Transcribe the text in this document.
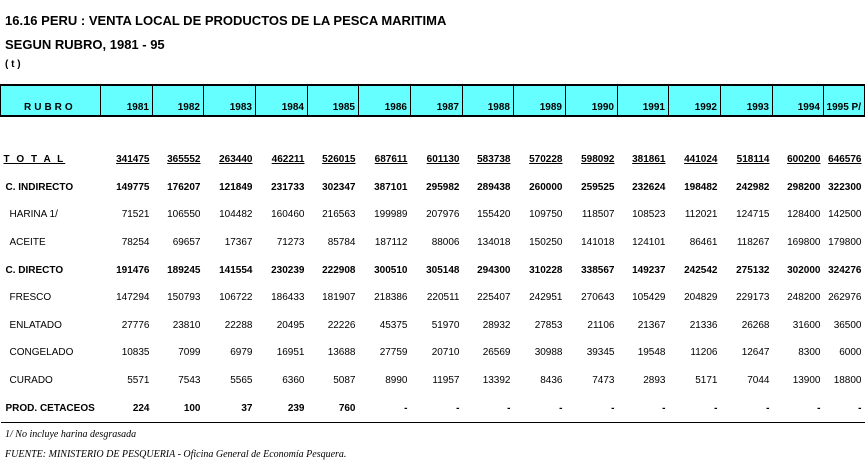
16.16 PERU : VENTA LOCAL DE PRODUCTOS DE LA PESCA MARITIMA
SEGUN RUBRO, 1981 - 95
( t )
RUBRO	1981	1982	1983	1984	1985	1986	1987	1988	1989	1990	1991	1992	1993	1994	1995 P/

T O T A L	341475	365552	263440	462211	526015	687611	601130	583738	570228	598092	381861	441024	518114	600200	646576
C. INDIRECTO	149775	176207	121849	231733	302347	387101	295982	289438	260000	259525	232624	198482	242982	298200	322300
HARINA 1/	71521	106550	104482	160460	216563	199989	207976	155420	109750	118507	108523	112021	124715	128400	142500
ACEITE	78254	69657	17367	71273	85784	187112	88006	134018	150250	141018	124101	86461	118267	169800	179800
C. DIRECTO	191476	189245	141554	230239	222908	300510	305148	294300	310228	338567	149237	242542	275132	302000	324276
FRESCO	147294	150793	106722	186433	181907	218386	220511	225407	242951	270643	105429	204829	229173	248200	262976
ENLATADO	27776	23810	22288	20495	22226	45375	51970	28932	27853	21106	21367	21336	26268	31600	36500
CONGELADO	10835	7099	6979	16951	13688	27759	20710	26569	30988	39345	19548	11206	12647	8300	6000
CURADO	5571	7543	5565	6360	5087	8990	11957	13392	8436	7473	2893	5171	7044	13900	18800
PROD. CETACEOS	224	100	37	239	760	-	-	-	-	-	-	-	-	-	-
1/ No incluye harina desgrasada
FUENTE: MINISTERIO DE PESQUERIA - Oficina General de Economía Pesquera.
